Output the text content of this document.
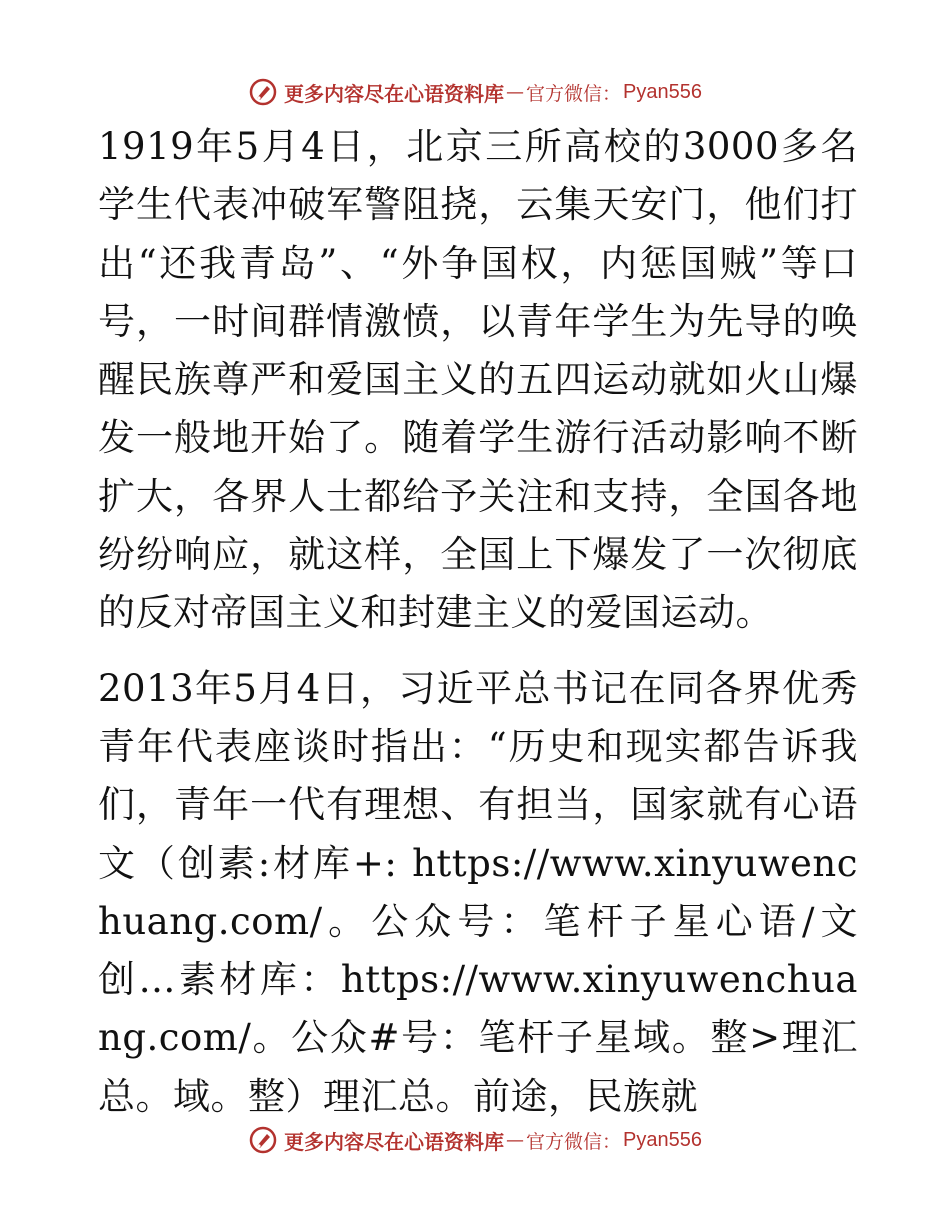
更多内容尽在心语资料库 — 官方微信： Pyan556

1919年5月4日，北京三所高校的3000多名学生代表冲破军警阻挠，云集天安门，他们打出“还我青岛”、“外争国权，内惩国贼”等口号，一时间群情激愤，以青年学生为先导的唤醒民族尊严和爱国主义的五四运动就如火山爆发一般地开始了。随着学生游行活动影响不断扩大，各界人士都给予关注和支持，全国各地纷纷响应，就这样，全国上下爆发了一次彻底的反对帝国主义和封建主义的爱国运动。

2013年5月4日，习近平总书记在同各界优秀青年代表座谈时指出：“历史和现实都告诉我们，青年一代有理想、有担当，国家就有心语文（创素:材库+: https://www.xinyuwenchuang.com/。公众号：笔杆子星心语/文创…素材库：https://www.xinyuwenchuang.com/。公众#号：笔杆子星域。整>理汇总。域。整）理汇总。前途，民族就

更多内容尽在心语资料库 — 官方微信： Pyan556
